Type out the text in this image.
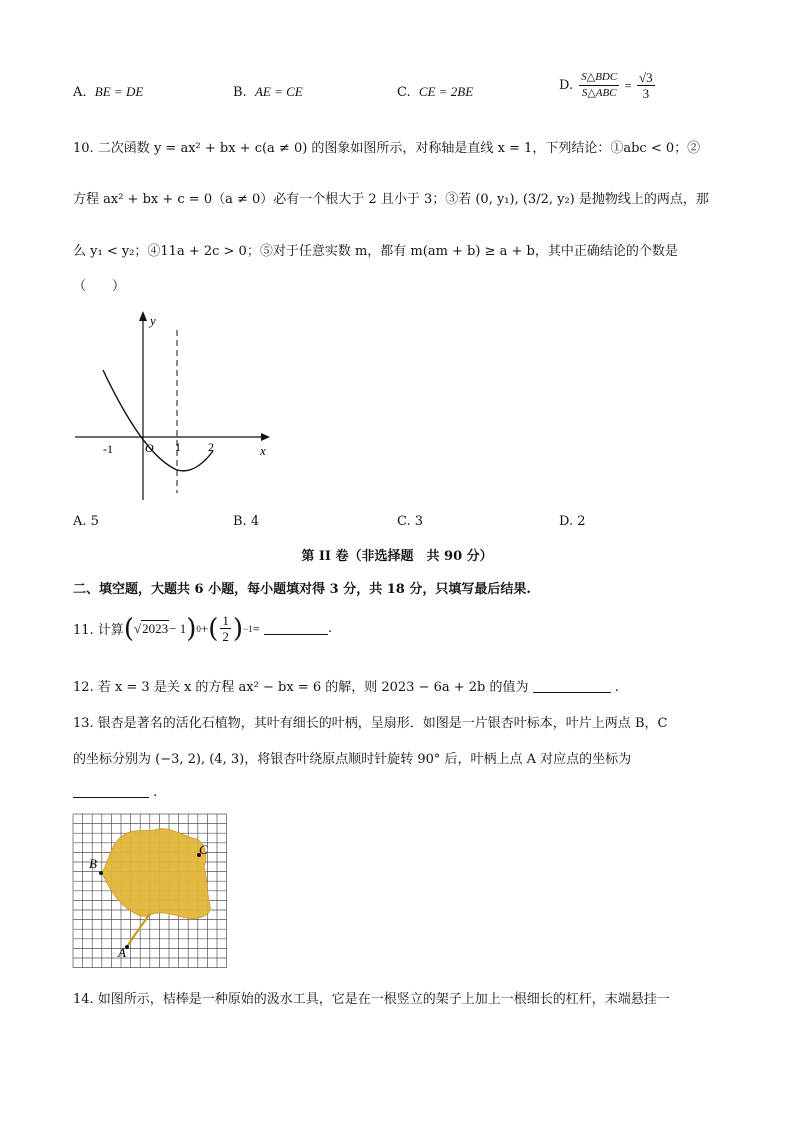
A. BE = DE	B. AE = CE	C. CE = 2BE	D.
$\frac{\text{S△BDC}}{\text{S△ABC}} = \frac{√3}{3}$
10. 二次函数 y = ax² + bx + c(a ≠ 0) 的图象如图所示，对称轴是直线 x = 1，下列结论：①abc < 0；②
方程 ax² + bx + c = 0（a ≠ 0）必有一个根大于 2 且小于 3；③若 (0, y₁), (3/2, y₂) 是抛物线上的两点，那
么 y₁ < y₂；④11a + 2c > 0；⑤对于任意实数 m，都有 m(am + b) ≥ a + b，其中正确结论的个数是
（　　）
y
x
O
-1	1 2
A. 5	B. 4	C. 3	D. 2
第 II 卷（非选择题　共 90 分）
二、填空题，大题共 6 小题，每小题填对得 3 分，共 18 分，只填写最后结果.
11. 计算 ( √ 2023 − 1 ) 0 + ( $\frac{1}{2}$ ) −1 =	.
12. 若 x = 3 是关 x 的方程 ax² − bx = 6 的解，则 2023 − 6a + 2b 的值为	.
13. 银杏是著名的活化石植物，其叶有细长的叶柄，呈扇形．如图是一片银杏叶标本，叶片上两点 B，C
的坐标分别为 (−3, 2), (4, 3)，将银杏叶绕原点顺时针旋转 90° 后，叶柄上点 A 对应点的坐标为
.
B
C
A
14. 如图所示，桔棒是一种原始的汲水工具，它是在一根竖立的架子上加上一根细长的杠杆，末端悬挂一
